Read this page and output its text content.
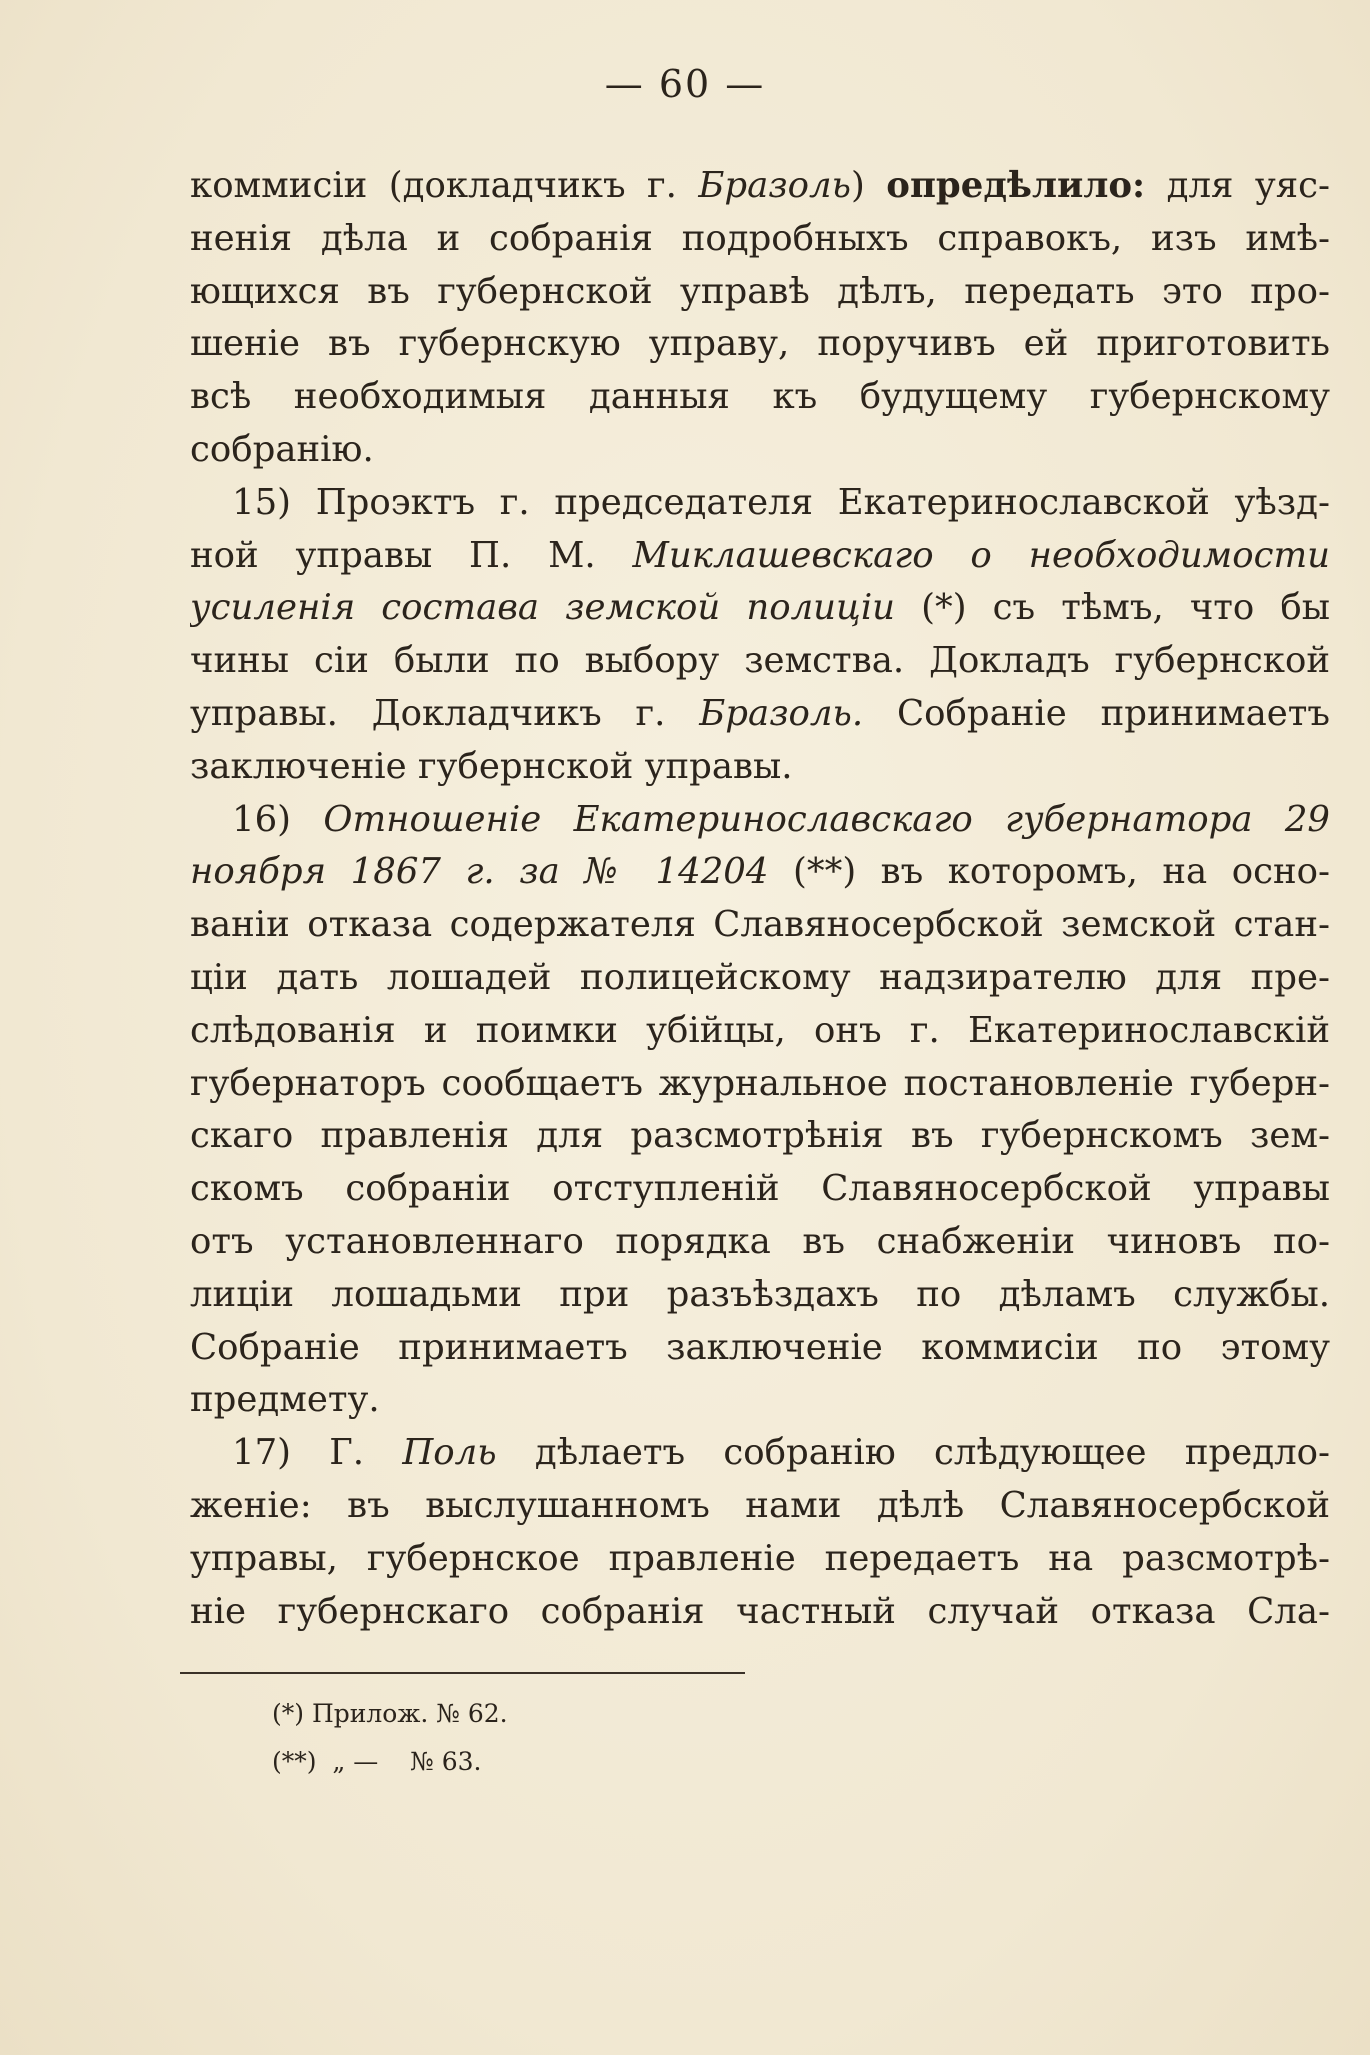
— 60 —
коммисіи (докладчикъ г. Бразоль) опредѣлило: для уяс-
ненія дѣла и собранія подробныхъ справокъ, изъ имѣ-
ющихся въ губернской управѣ дѣлъ, передать это про-
шеніе въ губернскую управу, поручивъ ей приготовить
всѣ необходимыя данныя къ будущему губернскому
собранію.
15) Проэктъ г. председателя Екатеринославской уѣзд-
ной управы П. М. Миклашевскаго о необходимости
усиленія состава земской полиціи (*) съ тѣмъ, что бы
чины сіи были по выбору земства. Докладъ губернской
управы. Докладчикъ г. Бразоль. Собраніе принимаетъ
заключеніе губернской управы.
16) Отношеніе Екатеринославскаго губернатора 29
ноября 1867 г. за № 14204 (**) въ которомъ, на осно-
ваніи отказа содержателя Славяносербской земской стан-
ціи дать лошадей полицейскому надзирателю для пре-
слѣдованія и поимки убійцы, онъ г. Екатеринославскій
губернаторъ сообщаетъ журнальное постановленіе губерн-
скаго правленія для разсмотрѣнія въ губернскомъ зем-
скомъ собраніи отступленій Славяносербской управы
отъ установленнаго порядка въ снабженіи чиновъ по-
лиціи лошадьми при разъѣздахъ по дѣламъ службы.
Собраніе принимаетъ заключеніе коммисіи по этому
предмету.
17) Г. Поль дѣлаетъ собранію слѣдующее предло-
женіе: въ выслушанномъ нами дѣлѣ Славяносербской
управы, губернское правленіе передаетъ на разсмотрѣ-
ніе губернскаго собранія частный случай отказа Сла-
(*) Прилож. № 62.
(**)  „ —    № 63.
